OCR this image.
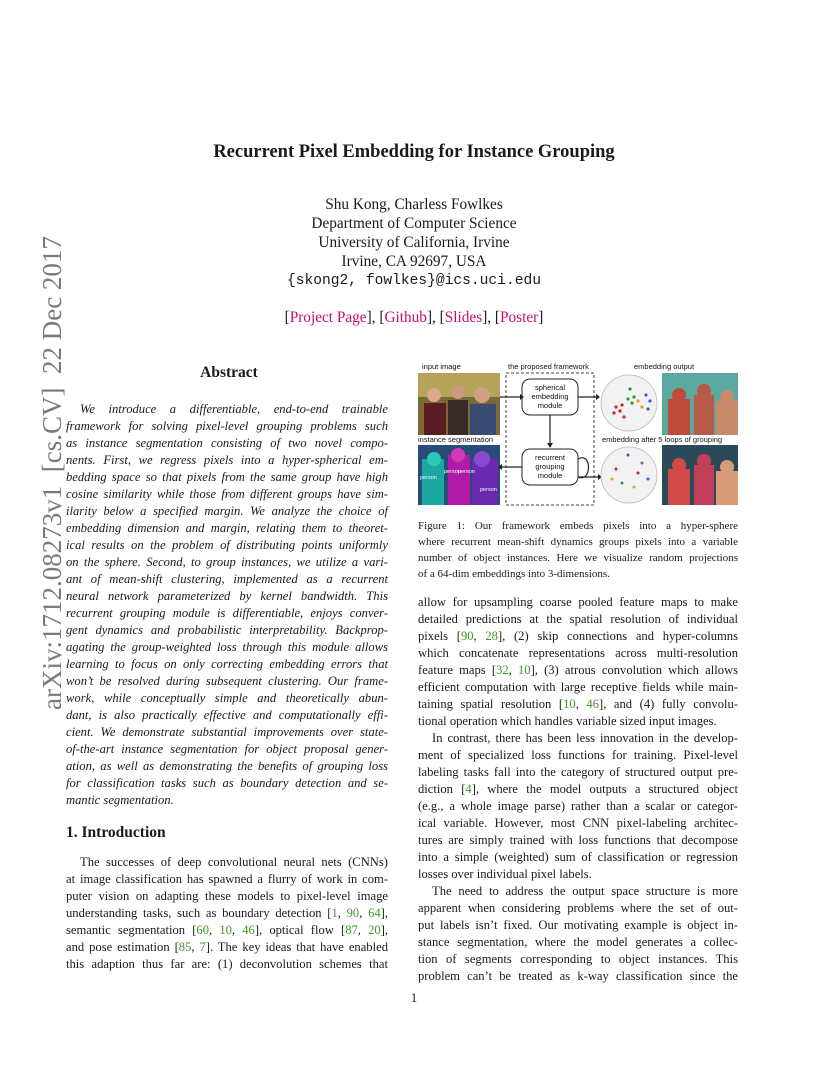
arXiv:1712.08273v1  [cs.CV]  22 Dec 2017
Recurrent Pixel Embedding for Instance Grouping
Shu Kong, Charless Fowlkes
Department of Computer Science
University of California, Irvine
Irvine, CA 92697, USA
{skong2, fowlkes}@ics.uci.edu
[Project Page], [Github], [Slides], [Poster]
Abstract
We introduce a differentiable, end-to-end trainable
framework for solving pixel-level grouping problems such
as instance segmentation consisting of two novel compo-
nents. First, we regress pixels into a hyper-spherical em-
bedding space so that pixels from the same group have high
cosine similarity while those from different groups have sim-
ilarity below a specified margin. We analyze the choice of
embedding dimension and margin, relating them to theoret-
ical results on the problem of distributing points uniformly
on the sphere. Second, to group instances, we utilize a vari-
ant of mean-shift clustering, implemented as a recurrent
neural network parameterized by kernel bandwidth. This
recurrent grouping module is differentiable, enjoys conver-
gent dynamics and probabilistic interpretability. Backprop-
agating the group-weighted loss through this module allows
learning to focus on only correcting embedding errors that
won’t be resolved during subsequent clustering. Our frame-
work, while conceptually simple and theoretically abun-
dant, is also practically effective and computationally effi-
cient. We demonstrate substantial improvements over state-
of-the-art instance segmentation for object proposal gener-
ation, as well as demonstrating the benefits of grouping loss
for classification tasks such as boundary detection and se-
mantic segmentation.
1. Introduction
The successes of deep convolutional neural nets (CNNs)
at image classification has spawned a flurry of work in com-
puter vision on adapting these models to pixel-level image
understanding tasks, such as boundary detection [1, 90, 64],
semantic segmentation [60, 10, 46], optical flow [87, 20],
and pose estimation [85, 7]. The key ideas that have enabled
this adaption thus far are: (1) deconvolution schemes that
input image	the proposed framework	embedding output
instance segmentation	embedding after 5 loops of grouping
person
person
person
person
spherical
embedding
module
recurrent
grouping
module
Figure 1: Our framework embeds pixels into a hyper-sphere
where recurrent mean-shift dynamics groups pixels into a variable
number of object instances. Here we visualize random projections
of a 64-dim embeddings into 3-dimensions.
allow for upsampling coarse pooled feature maps to make
detailed predictions at the spatial resolution of individual
pixels [90, 28], (2) skip connections and hyper-columns
which concatenate representations across multi-resolution
feature maps [32, 10], (3) atrous convolution which allows
efficient computation with large receptive fields while main-
taining spatial resolution [10, 46], and (4) fully convolu-
tional operation which handles variable sized input images.
In contrast, there has been less innovation in the develop-
ment of specialized loss functions for training. Pixel-level
labeling tasks fall into the category of structured output pre-
diction [4], where the model outputs a structured object
(e.g., a whole image parse) rather than a scalar or categor-
ical variable. However, most CNN pixel-labeling architec-
tures are simply trained with loss functions that decompose
into a simple (weighted) sum of classification or regression
losses over individual pixel labels.
The need to address the output space structure is more
apparent when considering problems where the set of out-
put labels isn’t fixed. Our motivating example is object in-
stance segmentation, where the model generates a collec-
tion of segments corresponding to object instances. This
problem can’t be treated as k-way classification since the
1
